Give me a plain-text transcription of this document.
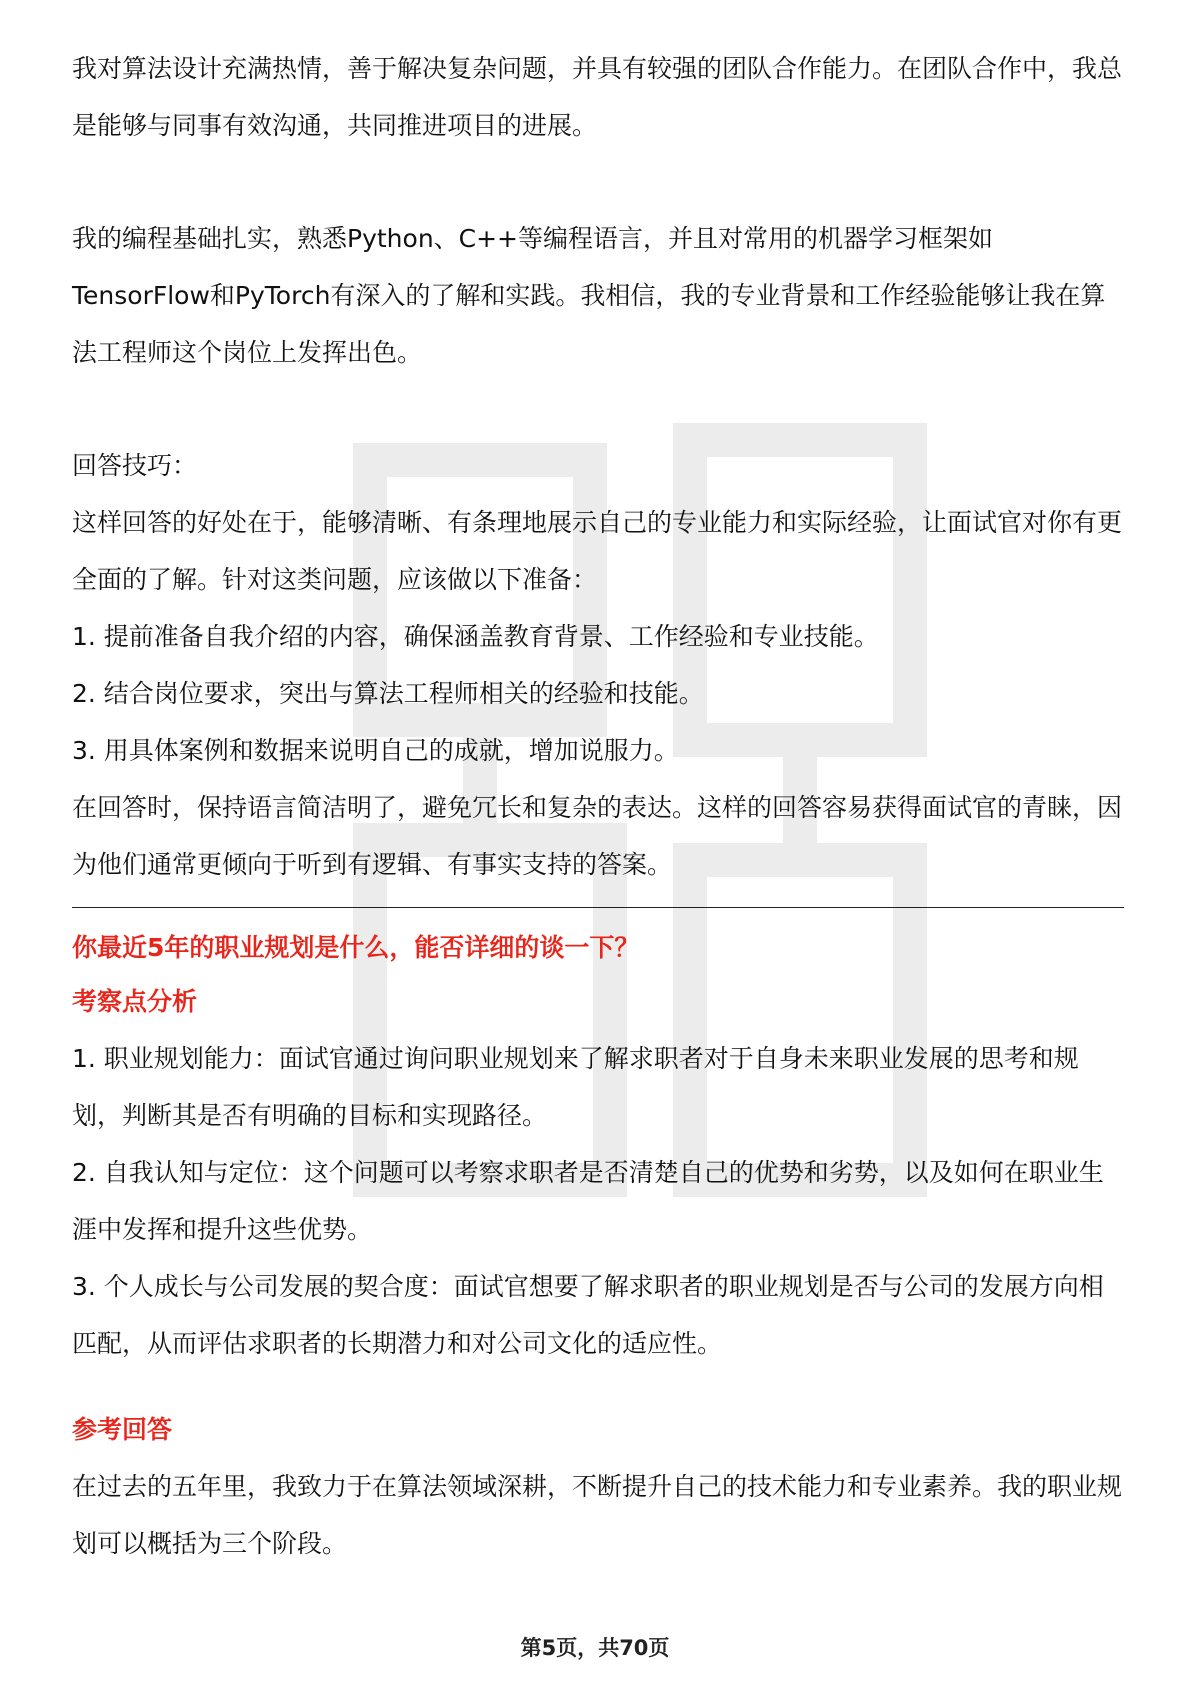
我对算法设计充满热情，善于解决复杂问题，并具有较强的团队合作能力。在团队合作中，我总是能够与同事有效沟通，共同推进项目的进展。

我的编程基础扎实，熟悉Python、C++等编程语言，并且对常用的机器学习框架如TensorFlow和PyTorch有深入的了解和实践。我相信，我的专业背景和工作经验能够让我在算法工程师这个岗位上发挥出色。

回答技巧：

这样回答的好处在于，能够清晰、有条理地展示自己的专业能力和实际经验，让面试官对你有更全面的了解。针对这类问题，应该做以下准备：

1. 提前准备自我介绍的内容，确保涵盖教育背景、工作经验和专业技能。

2. 结合岗位要求，突出与算法工程师相关的经验和技能。

3. 用具体案例和数据来说明自己的成就，增加说服力。

在回答时，保持语言简洁明了，避免冗长和复杂的表达。这样的回答容易获得面试官的青睐，因为他们通常更倾向于听到有逻辑、有事实支持的答案。

你最近5年的职业规划是什么，能否详细的谈一下？

考察点分析

1. 职业规划能力：面试官通过询问职业规划来了解求职者对于自身未来职业发展的思考和规划，判断其是否有明确的目标和实现路径。

2. 自我认知与定位：这个问题可以考察求职者是否清楚自己的优势和劣势，以及如何在职业生涯中发挥和提升这些优势。

3. 个人成长与公司发展的契合度：面试官想要了解求职者的职业规划是否与公司的发展方向相匹配，从而评估求职者的长期潜力和对公司文化的适应性。

参考回答

在过去的五年里，我致力于在算法领域深耕，不断提升自己的技术能力和专业素养。我的职业规划可以概括为三个阶段。

第5页，共70页
